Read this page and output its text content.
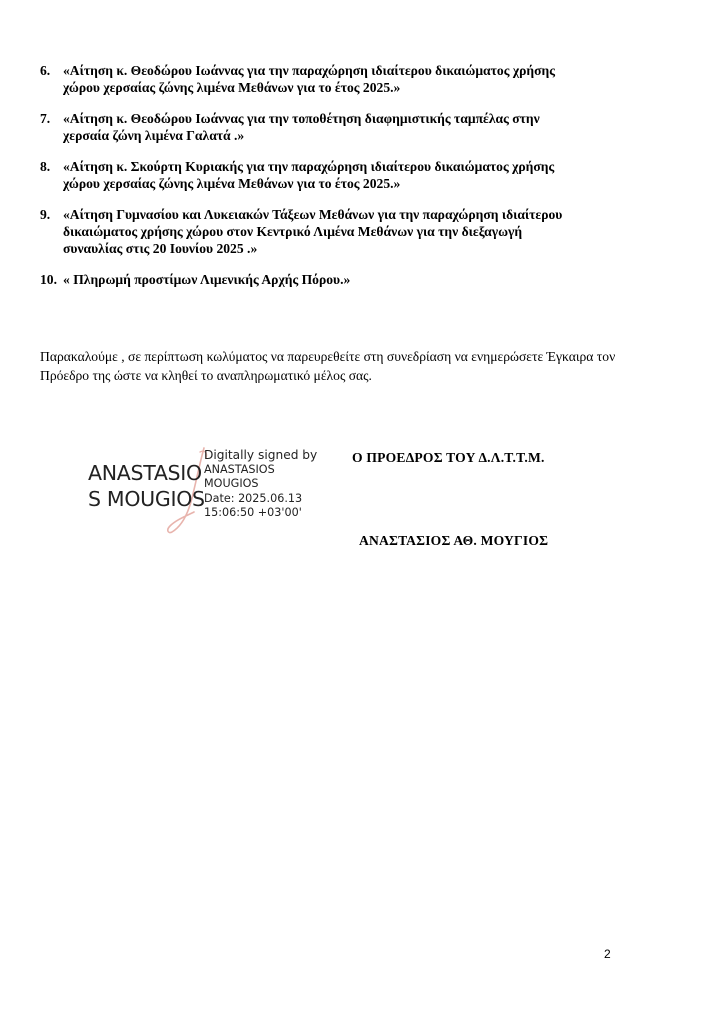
6. «Αίτηση κ. Θεοδώρου Ιωάννας για την παραχώρηση ιδιαίτερου δικαιώματος χρήσης
χώρου χερσαίας ζώνης λιμένα Μεθάνων για το έτος 2025.»
7. «Αίτηση κ. Θεοδώρου Ιωάννας για την τοποθέτηση διαφημιστικής ταμπέλας στην
χερσαία ζώνη λιμένα Γαλατά .»
8. «Αίτηση κ. Σκούρτη Κυριακής για την παραχώρηση ιδιαίτερου δικαιώματος χρήσης
χώρου χερσαίας ζώνης λιμένα Μεθάνων για το έτος 2025.»
9. «Αίτηση Γυμνασίου και Λυκειακών Τάξεων Μεθάνων για την παραχώρηση ιδιαίτερου
δικαιώματος χρήσης χώρου στον Κεντρικό Λιμένα Μεθάνων για την διεξαγωγή
συναυλίας στις 20 Ιουνίου 2025 .»
10. « Πληρωμή προστίμων Λιμενικής Αρχής Πόρου.»
Παρακαλούμε , σε περίπτωση κωλύματος να παρευρεθείτε στη συνεδρίαση να ενημερώσετε Έγκαιρα τον
Πρόεδρο της ώστε να κληθεί το αναπληρωματικό μέλος σας.
ANASTASIO
S MOUGIOS
Digitally signed by
ANASTASIOS
MOUGIOS
Date: 2025.06.13
15:06:50 +03'00'
Ο ΠΡΟΕΔΡΟΣ ΤΟΥ Δ.Λ.Τ.Τ.Μ.
ΑΝΑΣΤΑΣΙΟΣ ΑΘ. ΜΟΥΓΙΟΣ
2
